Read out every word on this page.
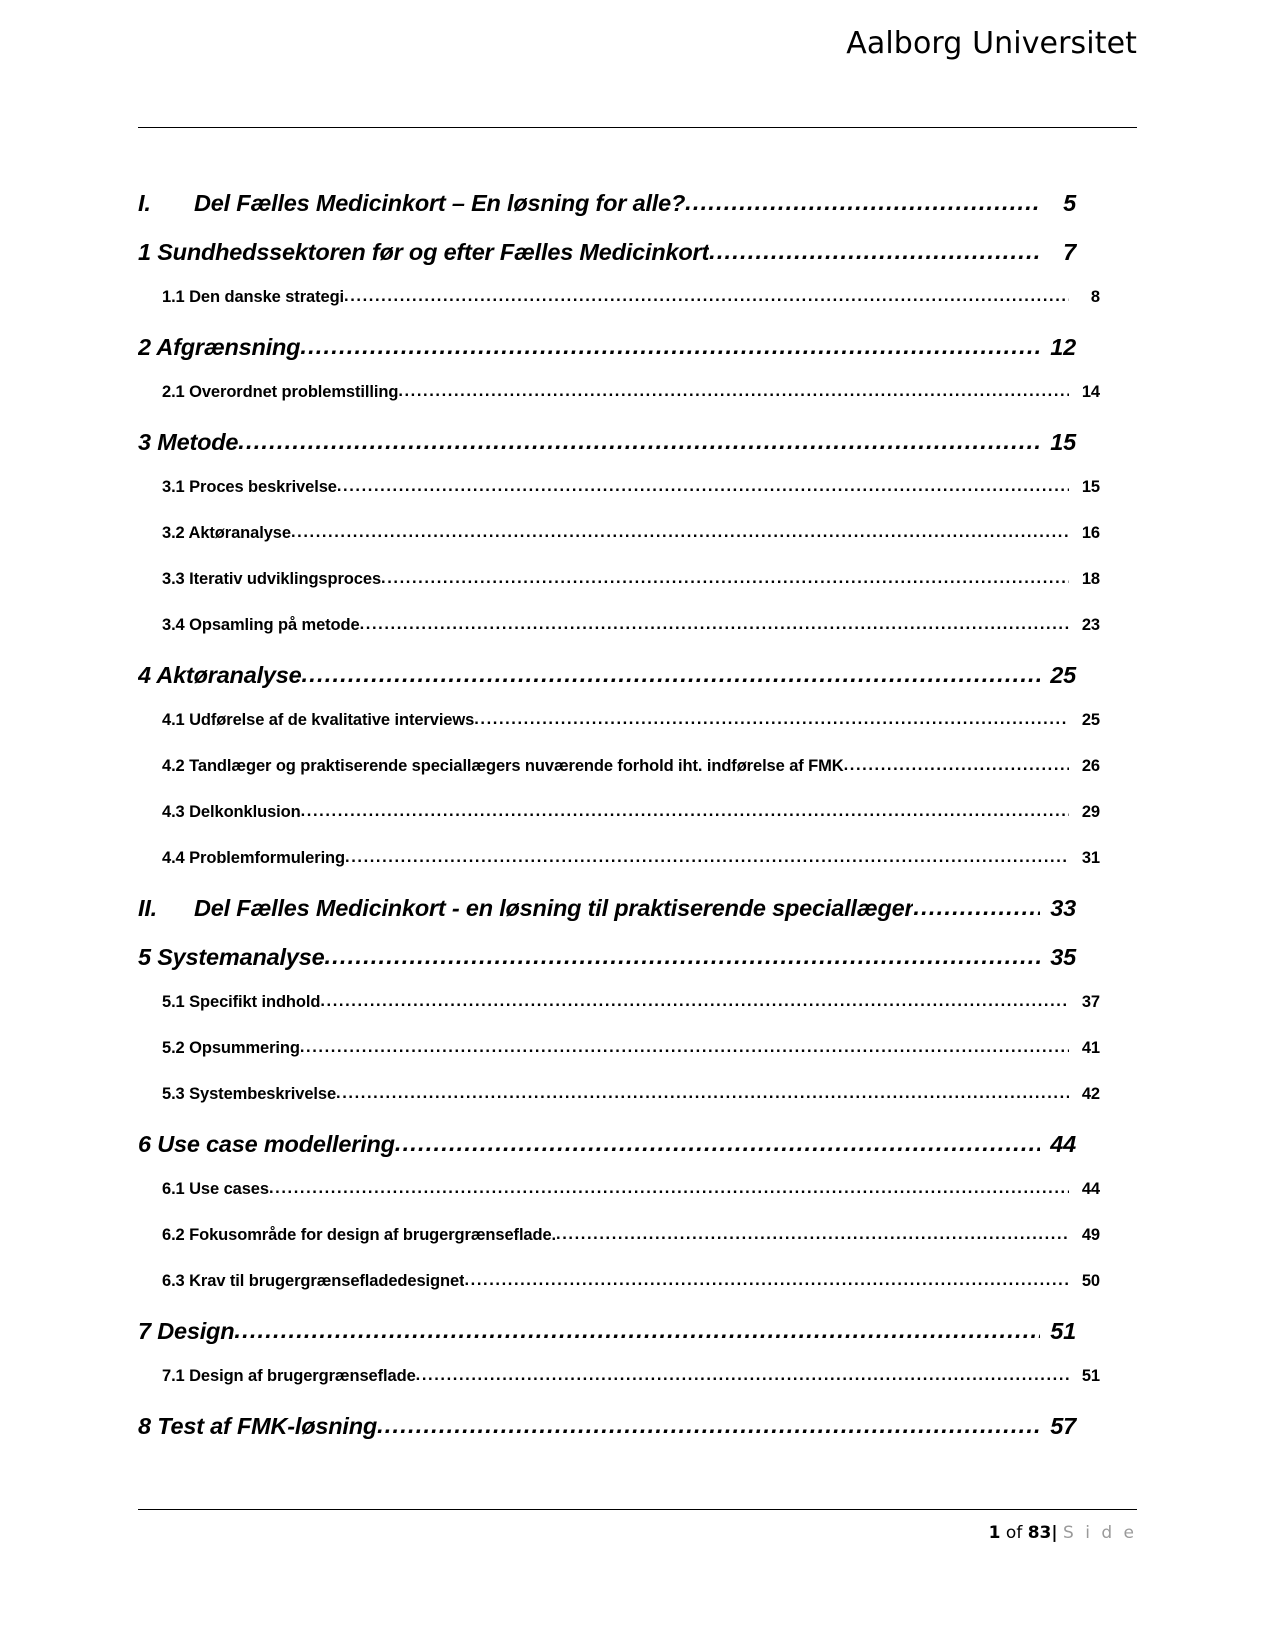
Aalborg Universitet
I. Del Fælles Medicinkort – En løsning for alle? .....	5
1 Sundhedssektoren før og efter Fælles Medicinkort .....	7
1.1 Den danske strategi .....	8
2 Afgrænsning .....	12
2.1 Overordnet problemstilling .....	14
3 Metode .....	15
3.1 Proces beskrivelse .....	15
3.2 Aktøranalyse .....	16
3.3 Iterativ udviklingsproces .....	18
3.4 Opsamling på metode .....	23
4 Aktøranalyse .....	25
4.1 Udførelse af de kvalitative interviews .....	25
4.2 Tandlæger og praktiserende speciallægers nuværende forhold iht. indførelse af FMK .....	26
4.3 Delkonklusion .....	29
4.4 Problemformulering .....	31
II. Del Fælles Medicinkort - en løsning til praktiserende speciallæger .....	33
5 Systemanalyse .....	35
5.1 Specifikt indhold .....	37
5.2 Opsummering .....	41
5.3 Systembeskrivelse .....	42
6 Use case modellering .....	44
6.1 Use cases .....	44
6.2 Fokusområde for design af brugergrænseflade. .....	49
6.3 Krav til brugergrænsefladedesignet .....	50
7 Design .....	51
7.1 Design af brugergrænseflade .....	51
8 Test af FMK-løsning .....	57
1 of 83| S i d e
